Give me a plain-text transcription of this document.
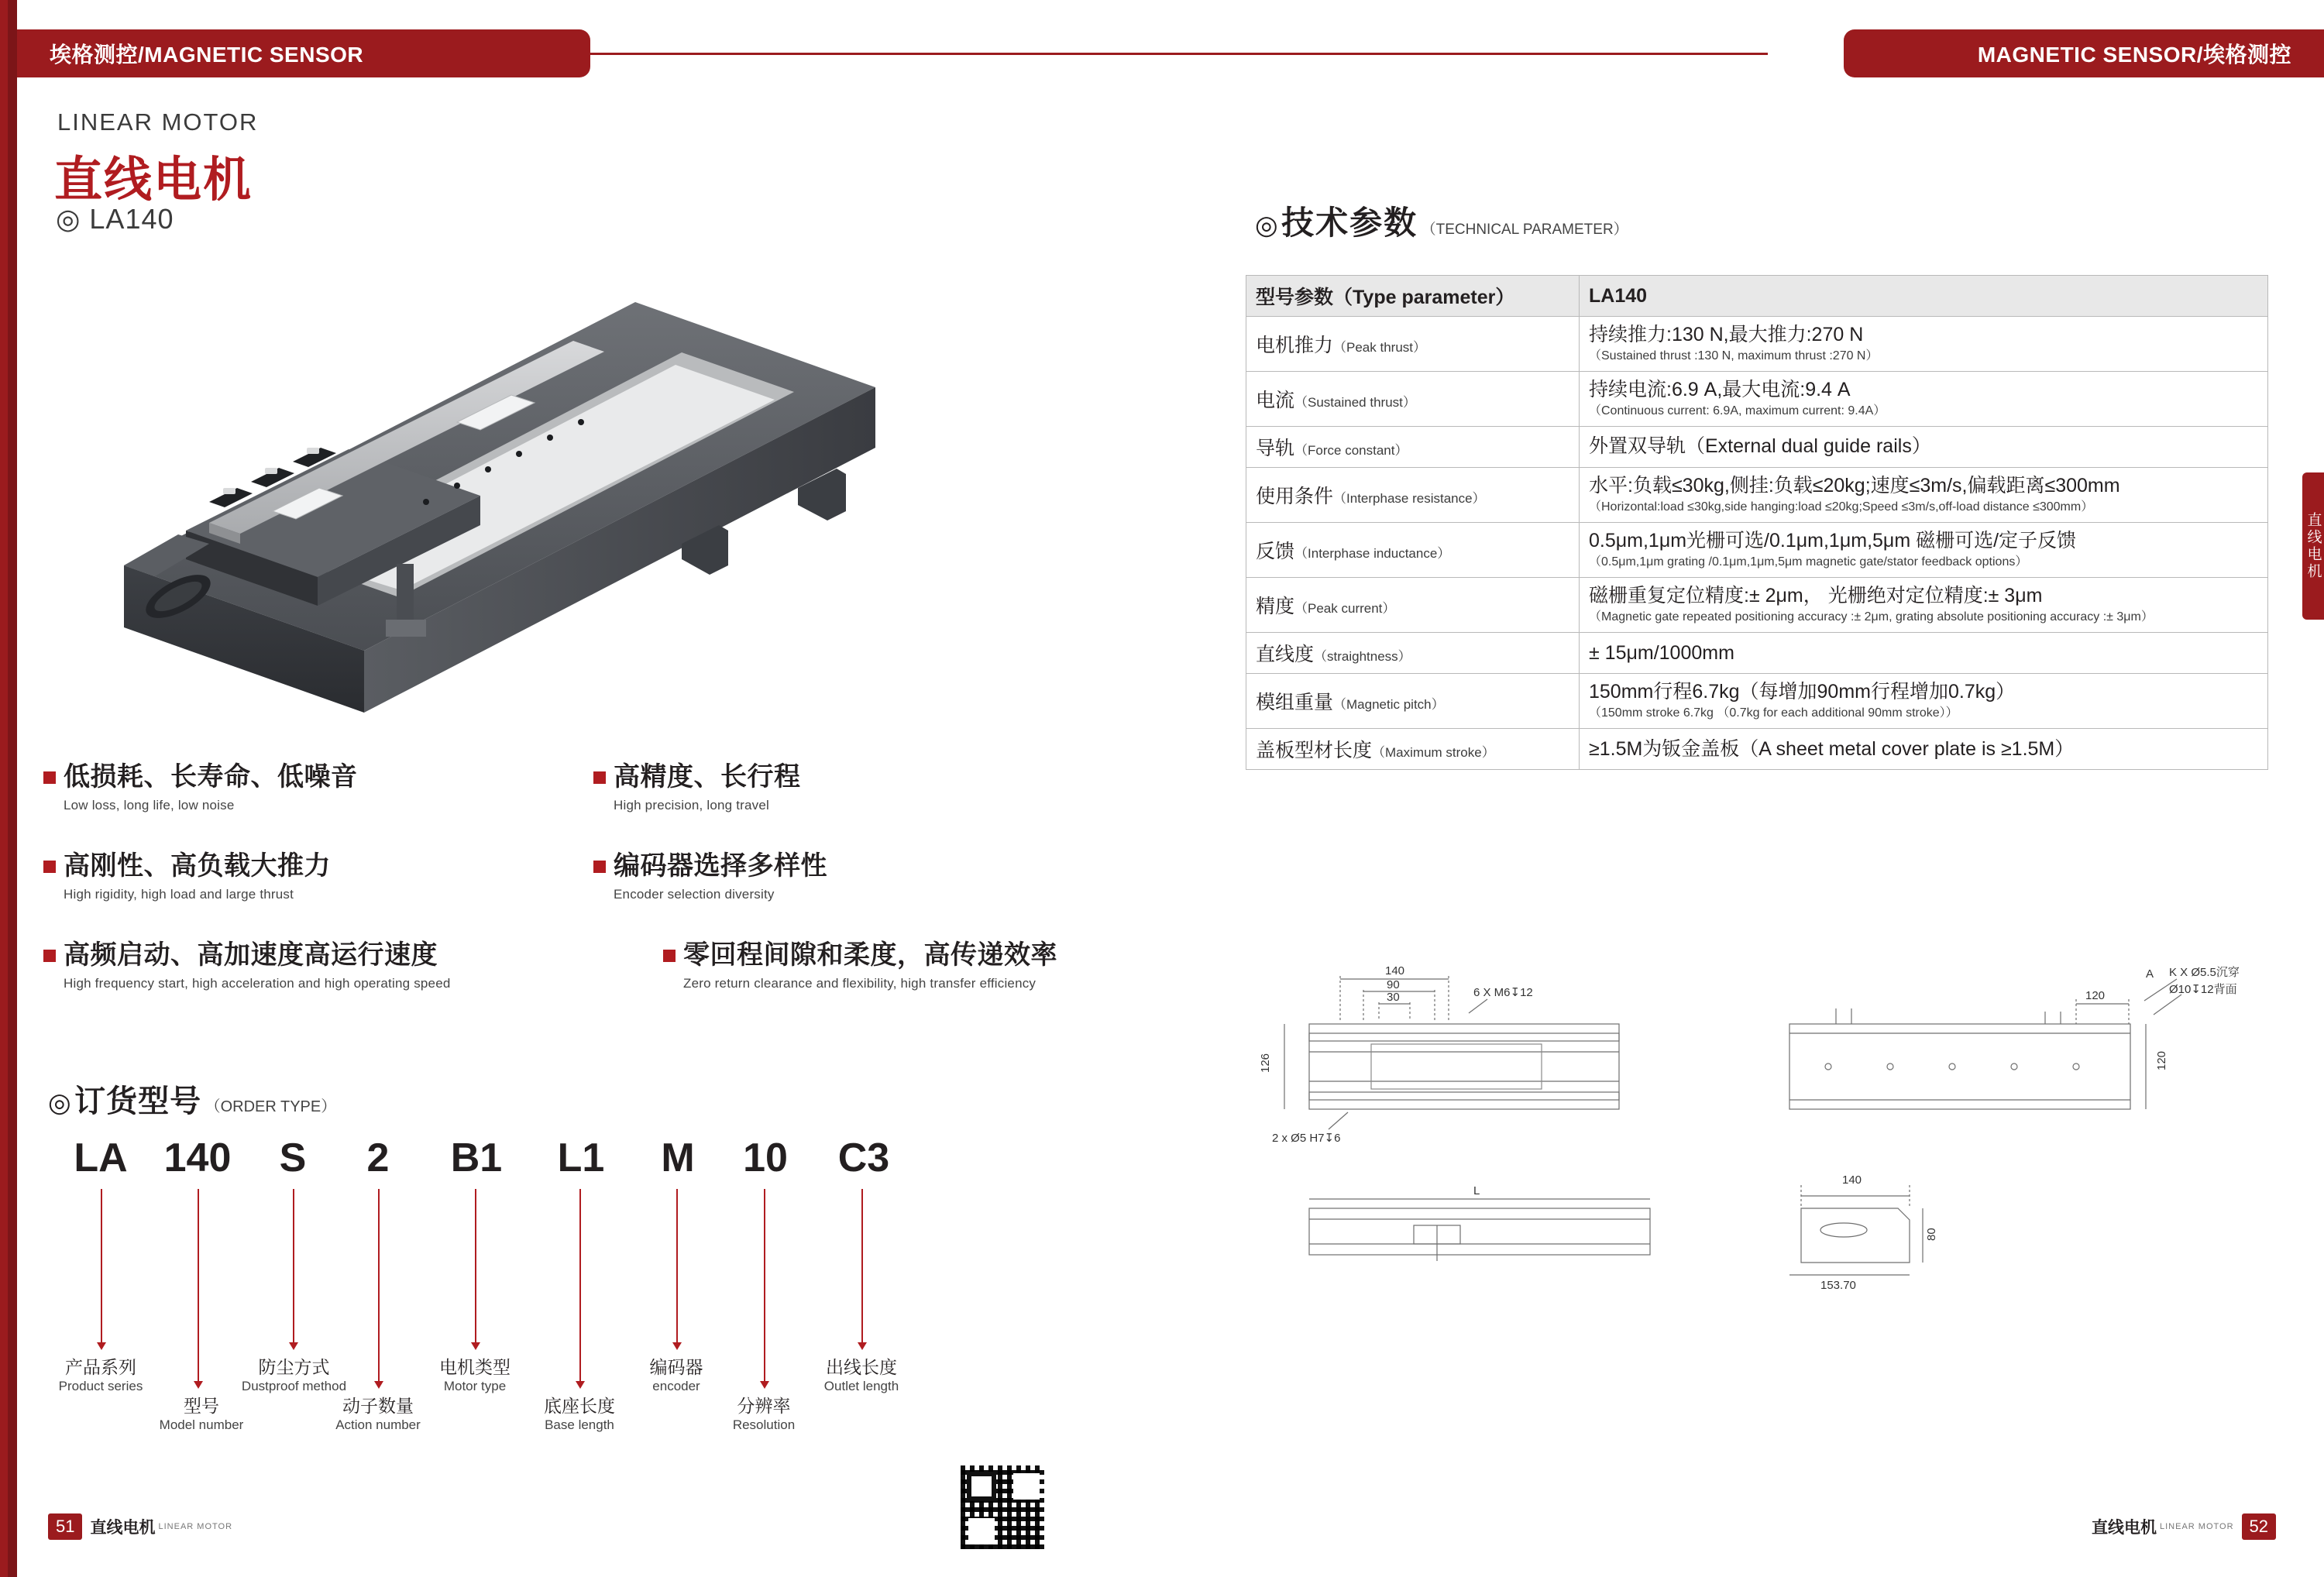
埃格测控/MAGNETIC SENSOR	MAGNETIC SENSOR/埃格测控
直线电机
LINEAR MOTOR
直线电机
◎ LA140
低损耗、长寿命、低噪音
Low loss, long life, low noise
高精度、长行程
High precision, long travel
高刚性、高负载大推力
High rigidity, high load and large thrust
编码器选择多样性
Encoder selection diversity
高频启动、高加速度高运行速度
High frequency start, high acceleration and high operating speed
零回程间隙和柔度，高传递效率
Zero return clearance and flexibility, high transfer efficiency
◎ 订货型号 （ORDER TYPE）
LA 140	S	2	B1	L1	M	10	C3
产品系列
Product series
型号
Model number
防尘方式
Dustproof method
动子数量
Action number
电机类型
Motor type
底座长度
Base length
编码器
encoder
分辨率
Resolution
出线长度
Outlet length
◎ 技术参数 （TECHNICAL PARAMETER）
型号参数（Type parameter）	LA140
电机推力（Peak thrust）	持续推力:130 N,最大推力:270 N
（Sustained thrust :130 N, maximum thrust :270 N）

电流（Sustained thrust）	持续电流:6.9 A,最大电流:9.4 A
（Continuous current: 6.9A, maximum current: 9.4A）

导轨（Force constant）	外置双导轨（External dual guide rails）

使用条件（Interphase resistance）	水平:负载≤30kg,侧挂:负载≤20kg;速度≤3m/s,偏载距离≤300mm
（Horizontal:load ≤30kg,side hanging:load ≤20kg;Speed ≤3m/s,off-load distance ≤300mm）

反馈（Interphase inductance）	0.5μm,1μm光栅可选/0.1μm,1μm,5μm 磁栅可选/定子反馈
（0.5μm,1μm grating /0.1μm,1μm,5μm magnetic gate/stator feedback options）

精度（Peak current）	磁栅重复定位精度:± 2μm， 光栅绝对定位精度:± 3μm
（Magnetic gate repeated positioning accuracy :± 2μm, grating absolute positioning accuracy :± 3μm）

直线度（straightness）	± 15μm/1000mm

模组重量（Magnetic pitch）	150mm行程6.7kg（每增加90mm行程增加0.7kg）
（150mm stroke 6.7kg （0.7kg for each additional 90mm stroke））

盖板型材长度（Maximum stroke）	≥1.5M为钣金盖板（A sheet metal cover plate is ≥1.5M）
140
90
30	6 X M6↧12
126
2 x Ø5 H7↧6
120
A K X Ø5.5沉穿
Ø10↧12背面
120
L
140
80
153.70
51 直线电机 LINEAR MOTOR	直线电机 LINEAR MOTOR 52
